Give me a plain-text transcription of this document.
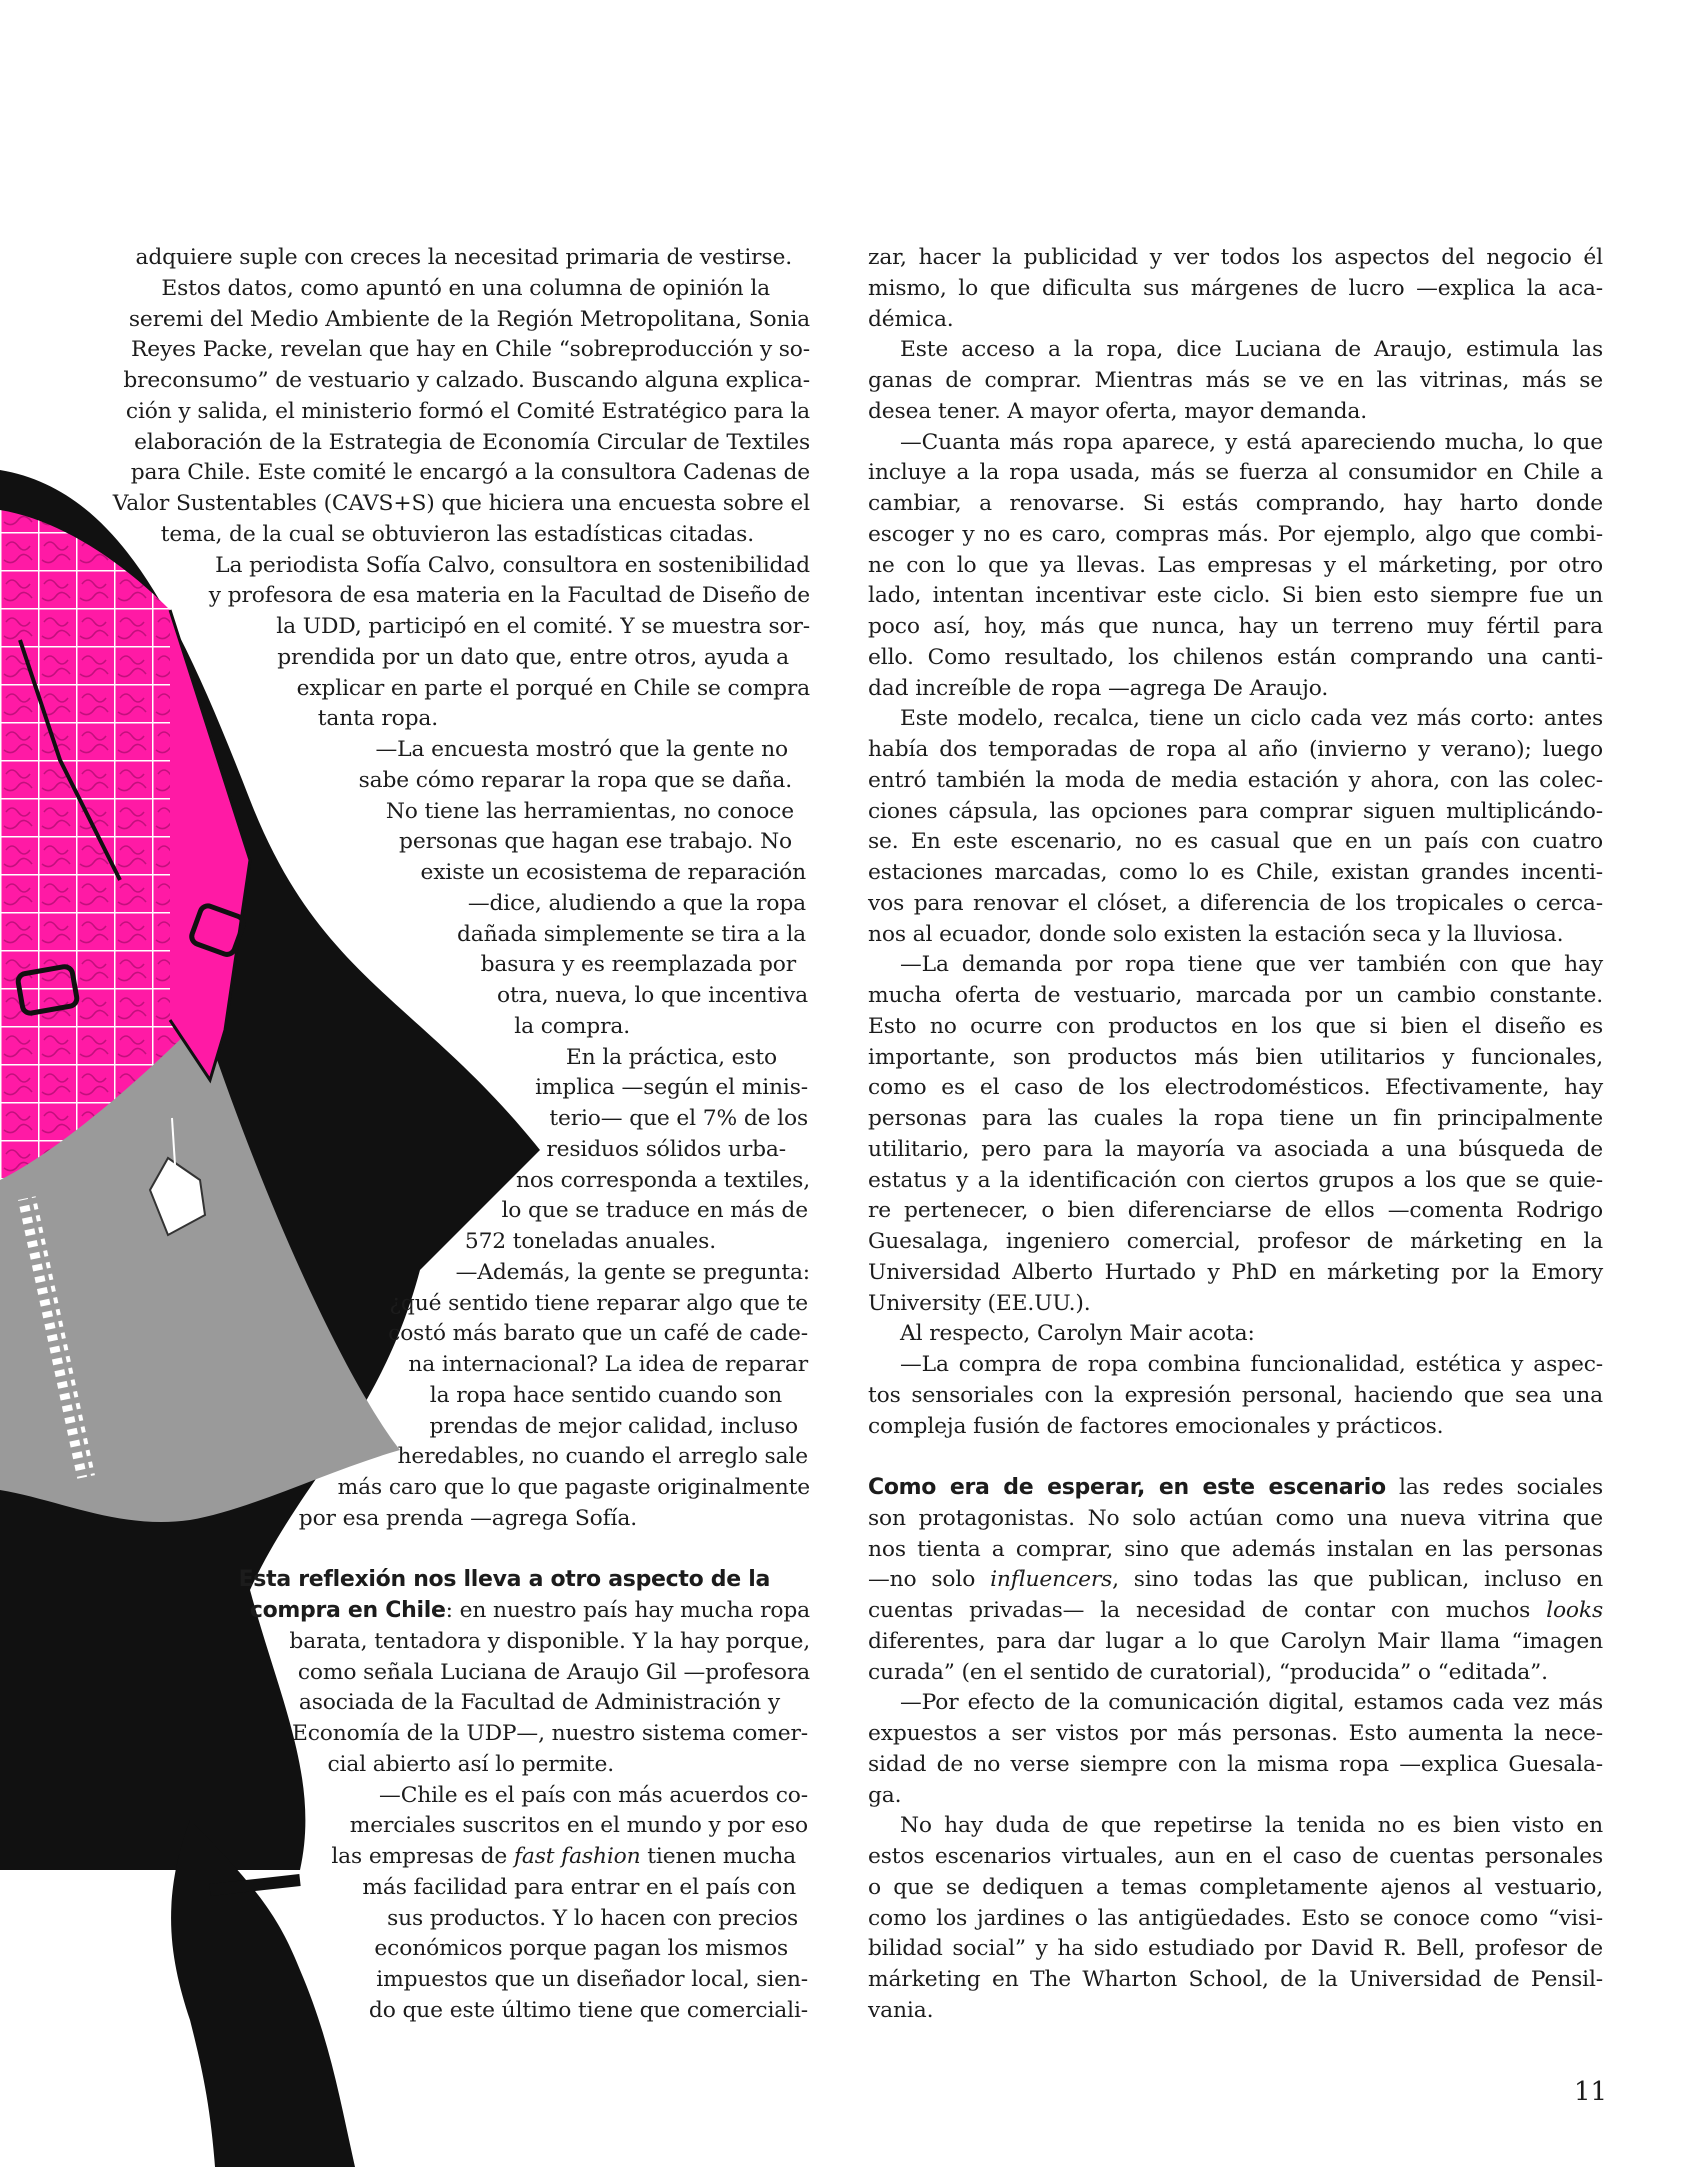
adquiere suple con creces la necesitad primaria de vestirse.
Estos datos, como apuntó en una columna de opinión la
seremi del Medio Ambiente de la Región Metropolitana, Sonia
Reyes Packe, revelan que hay en Chile “sobreproducción y so-
breconsumo” de vestuario y calzado. Buscando alguna explica-
ción y salida, el ministerio formó el Comité Estratégico para la
elaboración de la Estrategia de Economía Circular de Textiles
para Chile. Este comité le encargó a la consultora Cadenas de
Valor Sustentables (CAVS+S) que hiciera una encuesta sobre el
tema, de la cual se obtuvieron las estadísticas citadas.
La periodista Sofía Calvo, consultora en sostenibilidad
y profesora de esa materia en la Facultad de Diseño de
la UDD, participó en el comité. Y se muestra sor-
prendida por un dato que, entre otros, ayuda a
explicar en parte el porqué en Chile se compra
tanta ropa.
—La encuesta mostró que la gente no
sabe cómo reparar la ropa que se daña.
No tiene las herramientas, no conoce
personas que hagan ese trabajo. No
existe un ecosistema de reparación
—dice, aludiendo a que la ropa
dañada simplemente se tira a la
basura y es reemplazada por
otra, nueva, lo que incentiva
la compra.
En la práctica, esto
implica —según el minis-
terio— que el 7% de los
residuos sólidos urba-
nos corresponda a textiles,
lo que se traduce en más de
572 toneladas anuales.
—Además, la gente se pregunta:
¿qué sentido tiene reparar algo que te
costó más barato que un café de cade-
na internacional? La idea de reparar
la ropa hace sentido cuando son
prendas de mejor calidad, incluso
heredables, no cuando el arreglo sale
más caro que lo que pagaste originalmente
por esa prenda —agrega Sofía.
Esta reflexión nos lleva a otro aspecto de la
compra en Chile: en nuestro país hay mucha ropa
barata, tentadora y disponible. Y la hay porque,
como señala Luciana de Araujo Gil —profesora
asociada de la Facultad de Administración y
Economía de la UDP—, nuestro sistema comer-
cial abierto así lo permite.
—Chile es el país con más acuerdos co-
merciales suscritos en el mundo y por eso
las empresas de fast fashion tienen mucha
más facilidad para entrar en el país con
sus productos. Y lo hacen con precios
económicos porque pagan los mismos
impuestos que un diseñador local, sien-
do que este último tiene que comerciali-
zar, hacer la publicidad y ver todos los aspectos del negocio él
mismo, lo que dificulta sus márgenes de lucro —explica la aca-
démica.
Este acceso a la ropa, dice Luciana de Araujo, estimula las
ganas de comprar. Mientras más se ve en las vitrinas, más se
desea tener. A mayor oferta, mayor demanda.
—Cuanta más ropa aparece, y está apareciendo mucha, lo que
incluye a la ropa usada, más se fuerza al consumidor en Chile a
cambiar, a renovarse. Si estás comprando, hay harto donde
escoger y no es caro, compras más. Por ejemplo, algo que combi-
ne con lo que ya llevas. Las empresas y el márketing, por otro
lado, intentan incentivar este ciclo. Si bien esto siempre fue un
poco así, hoy, más que nunca, hay un terreno muy fértil para
ello. Como resultado, los chilenos están comprando una canti-
dad increíble de ropa —agrega De Araujo.
Este modelo, recalca, tiene un ciclo cada vez más corto: antes
había dos temporadas de ropa al año (invierno y verano); luego
entró también la moda de media estación y ahora, con las colec-
ciones cápsula, las opciones para comprar siguen multiplicándo-
se. En este escenario, no es casual que en un país con cuatro
estaciones marcadas, como lo es Chile, existan grandes incenti-
vos para renovar el clóset, a diferencia de los tropicales o cerca-
nos al ecuador, donde solo existen la estación seca y la lluviosa.
—La demanda por ropa tiene que ver también con que hay
mucha oferta de vestuario, marcada por un cambio constante.
Esto no ocurre con productos en los que si bien el diseño es
importante, son productos más bien utilitarios y funcionales,
como es el caso de los electrodomésticos. Efectivamente, hay
personas para las cuales la ropa tiene un fin principalmente
utilitario, pero para la mayoría va asociada a una búsqueda de
estatus y a la identificación con ciertos grupos a los que se quie-
re pertenecer, o bien diferenciarse de ellos —comenta Rodrigo
Guesalaga, ingeniero comercial, profesor de márketing en la
Universidad Alberto Hurtado y PhD en márketing por la Emory
University (EE.UU.).
Al respecto, Carolyn Mair acota:
—La compra de ropa combina funcionalidad, estética y aspec-
tos sensoriales con la expresión personal, haciendo que sea una
compleja fusión de factores emocionales y prácticos.
Como era de esperar, en este escenario las redes sociales
son protagonistas. No solo actúan como una nueva vitrina que
nos tienta a comprar, sino que además instalan en las personas
—no solo influencers, sino todas las que publican, incluso en
cuentas privadas— la necesidad de contar con muchos looks
diferentes, para dar lugar a lo que Carolyn Mair llama “imagen
curada” (en el sentido de curatorial), “producida” o “editada”.
—Por efecto de la comunicación digital, estamos cada vez más
expuestos a ser vistos por más personas. Esto aumenta la nece-
sidad de no verse siempre con la misma ropa —explica Guesala-
ga.
No hay duda de que repetirse la tenida no es bien visto en
estos escenarios virtuales, aun en el caso de cuentas personales
o que se dediquen a temas completamente ajenos al vestuario,
como los jardines o las antigüedades. Esto se conoce como “visi-
bilidad social” y ha sido estudiado por David R. Bell, profesor de
márketing en The Wharton School, de la Universidad de Pensil-
vania.
11
